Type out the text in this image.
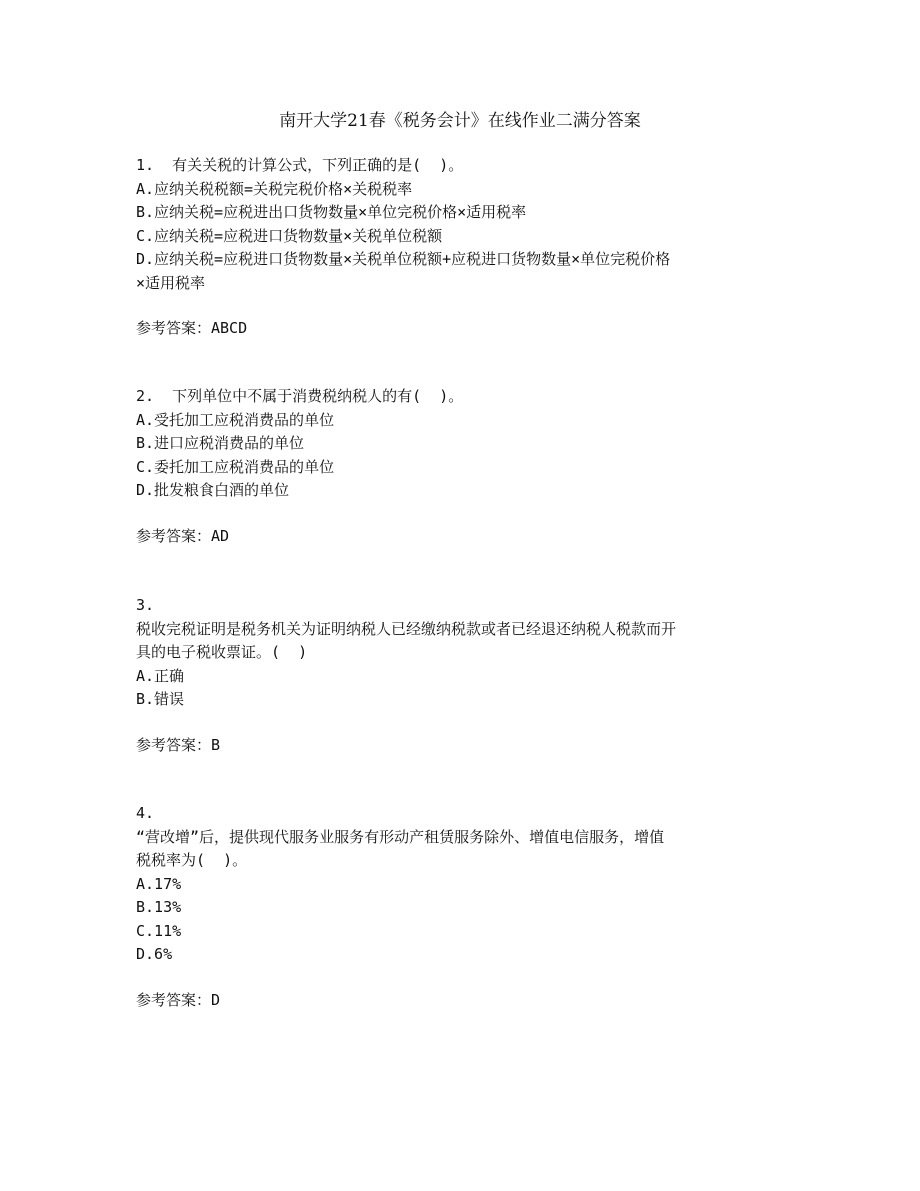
南开大学21春《税务会计》在线作业二满分答案
1.  有关关税的计算公式，下列正确的是(  )。
A.应纳关税税额=关税完税价格×关税税率
B.应纳关税=应税进出口货物数量×单位完税价格×适用税率
C.应纳关税=应税进口货物数量×关税单位税额
D.应纳关税=应税进口货物数量×关税单位税额+应税进口货物数量×单位完税价格
×适用税率
参考答案：ABCD
2.  下列单位中不属于消费税纳税人的有(  )。
A.受托加工应税消费品的单位
B.进口应税消费品的单位
C.委托加工应税消费品的单位
D.批发粮食白酒的单位
参考答案：AD
3.
税收完税证明是税务机关为证明纳税人已经缴纳税款或者已经退还纳税人税款而开
具的电子税收票证。(  )
A.正确
B.错误
参考答案：B
4.
“营改增”后，提供现代服务业服务有形动产租赁服务除外、增值电信服务，增值
税税率为(  )。
A.17%
B.13%
C.11%
D.6%
参考答案：D
